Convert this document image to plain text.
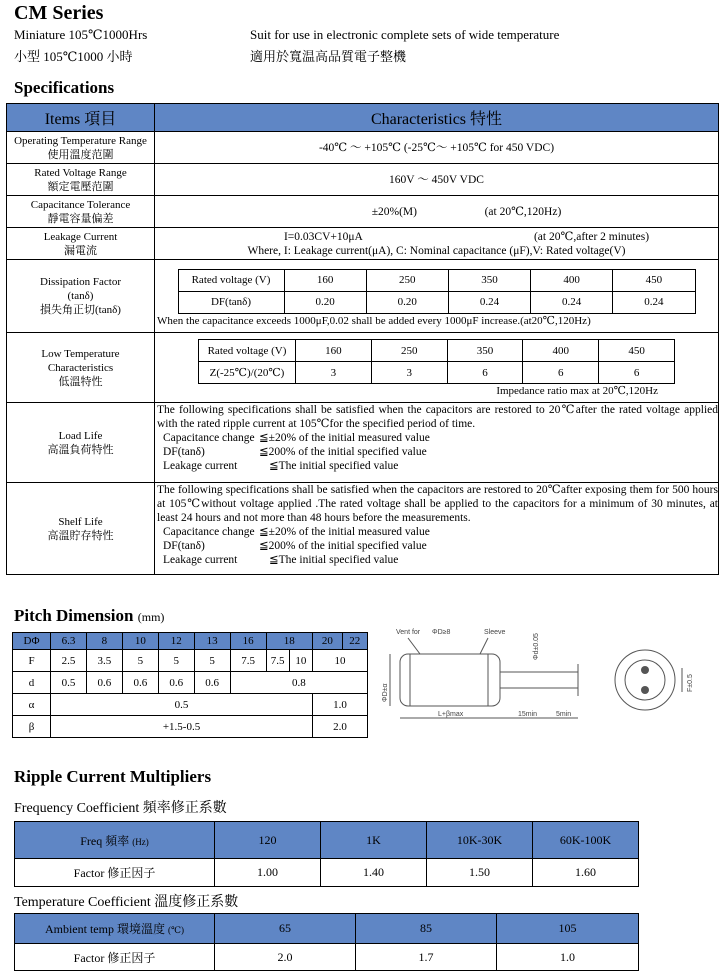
CM Series
Miniature 105℃1000Hrs	Suit for use in electronic complete sets of wide temperature
小型 105℃1000 小時	適用於寬温高品質電子整機
Specifications
Items 項目	Characteristics 特性

Operating Temperature Range
使用溫度范圍
	-40℃ ～ +105℃ (-25℃～ +105℃ for 450 VDC)

Rated Voltage Range
額定電壓范圍
	160V ～ 450V VDC

Capacitance Tolerance
靜電容量偏差
	±20%(M)	(at 20℃,120Hz)

Leakage Current
漏電流

I=0.03CV+10μA	(at 20℃,after 2 minutes)
Where, I: Leakage current(μA), C: Nominal capacitance (μF),V: Rated voltage(V)

Dissipation Factor
(tanδ)
損失角正切(tanδ)

Rated voltage (V)	160	250	350	400	450
DF(tanδ)	0.20	0.20	0.24	0.24	0.24
When the capacitance exceeds 1000μF,0.02 shall be added every 1000μF increase.(at20℃,120Hz)

Low Temperature
Characteristics
低溫特性

Rated voltage (V)	160	250	350	400	450
Z(-25℃)/(20℃)	3	3	6	6	6
Impedance ratio max at 20℃,120Hz

Load Life
高溫負荷特性

The following specifications shall be satisfied when the capacitors are restored to 20℃after the rated voltage applied with the rated ripple current at 105℃for the specified period of time.
Capacitance change ≦±20% of the initial measured value
DF(tanδ)	≦200% of the initial specified value
Leakage current	≦The initial specified value

Shelf Life
高溫貯存特性

The following specifications shall be satisfied when the capacitors are restored to 20℃after exposing them for 500 hours at 105℃without voltage applied .The rated voltage shall be applied to the capacitors for a minimum of 30 minutes, at least 24 hours and not more than 48 hours before the measurements.
Capacitance change ≦±20% of the initial measured value
DF(tanδ)	≦200% of the initial specified value
Leakage current	≦The initial specified value
Pitch Dimension (mm)
DΦ	6.3	8	10	12	13	16	18		20	22
F	2.5	3.5	5	5	5	7.5	7.5	10	10	
d	0.5	0.6	0.6	0.6	0.6	0.8				
α	0.5								1.0	
β	+1.5-0.5								2.0	
Vent for ΦD≥8	Sleeve
Φd±0.05
F±0.5
ΦD±α
L+βmax	15min	5min
Ripple Current Multipliers
Frequency Coefficient 頻率修正系數
Freq 頻率 (Hz)	120	1K	10K-30K	60K-100K
Factor 修正因子	1.00	1.40	1.50	1.60
Temperature Coefficient 溫度修正系數
Ambient temp 環境溫度 (℃)	65	85	105
Factor 修正因子	2.0	1.7	1.0
